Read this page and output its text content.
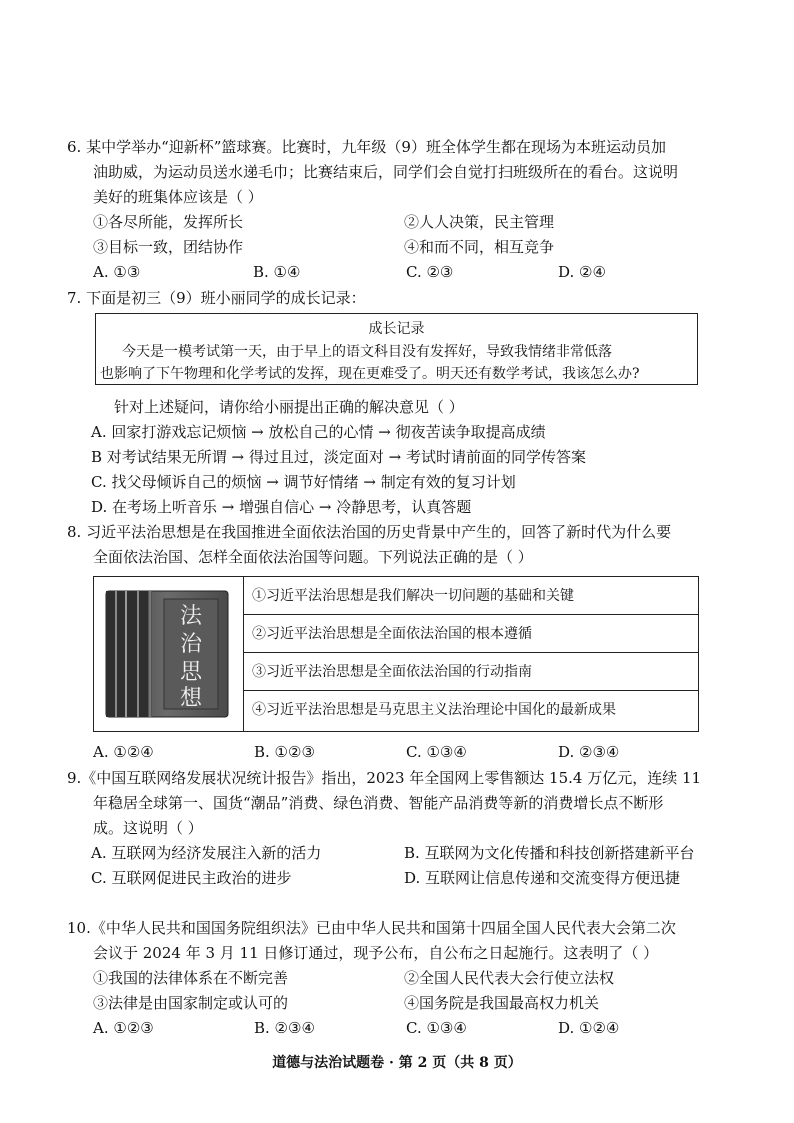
6. 某中学举办“迎新杯”篮球赛。比赛时，九年级（9）班全体学生都在现场为本班运动员加
油助威，为运动员送水递毛巾；比赛结束后，同学们会自觉打扫班级所在的看台。这说明
美好的班集体应该是（ ）
①各尽所能，发挥所长	②人人决策，民主管理
③目标一致，团结协作	④和而不同，相互竞争
A. ①③	B. ①④	C. ②③	D. ②④
7. 下面是初三（9）班小丽同学的成长记录：
成长记录
今天是一模考试第一天，由于早上的语文科目没有发挥好，导致我情绪非常低落
也影响了下午物理和化学考试的发挥，现在更难受了。明天还有数学考试，我该怎么办?
针对上述疑问，请你给小丽提出正确的解决意见（ ）
A. 回家打游戏忘记烦恼 → 放松自己的心情 → 彻夜苦读争取提高成绩
B 对考试结果无所谓 → 得过且过，淡定面对 → 考试时请前面的同学传答案
C. 找父母倾诉自己的烦恼 → 调节好情绪 → 制定有效的复习计划
D. 在考场上听音乐 → 增强自信心 → 冷静思考，认真答题
8. 习近平法治思想是在我国推进全面依法治国的历史背景中产生的，回答了新时代为什么要
全面依法治国、怎样全面依法治国等问题。下列说法正确的是（ ）
法
治
思
想
①习近平法治思想是我们解决一切问题的基础和关键
②习近平法治思想是全面依法治国的根本遵循
③习近平法治思想是全面依法治国的行动指南
④习近平法治思想是马克思主义法治理论中国化的最新成果
A. ①②④	B. ①②③	C. ①③④	D. ②③④
9.《中国互联网络发展状况统计报告》指出，2023 年全国网上零售额达 15.4 万亿元，连续 11
年稳居全球第一、国货“潮品”消费、绿色消费、智能产品消费等新的消费增长点不断形
成。这说明（ ）
A. 互联网为经济发展注入新的活力	B. 互联网为文化传播和科技创新搭建新平台
C. 互联网促进民主政治的进步	D. 互联网让信息传递和交流变得方便迅捷
10.《中华人民共和国国务院组织法》已由中华人民共和国第十四届全国人民代表大会第二次
会议于 2024 年 3 月 11 日修订通过，现予公布，自公布之日起施行。这表明了（ ）
①我国的法律体系在不断完善	②全国人民代表大会行使立法权
③法律是由国家制定或认可的	④国务院是我国最高权力机关
A. ①②③	B. ②③④	C. ①③④	D. ①②④
道德与法治试题卷 · 第 2 页（共 8 页）
